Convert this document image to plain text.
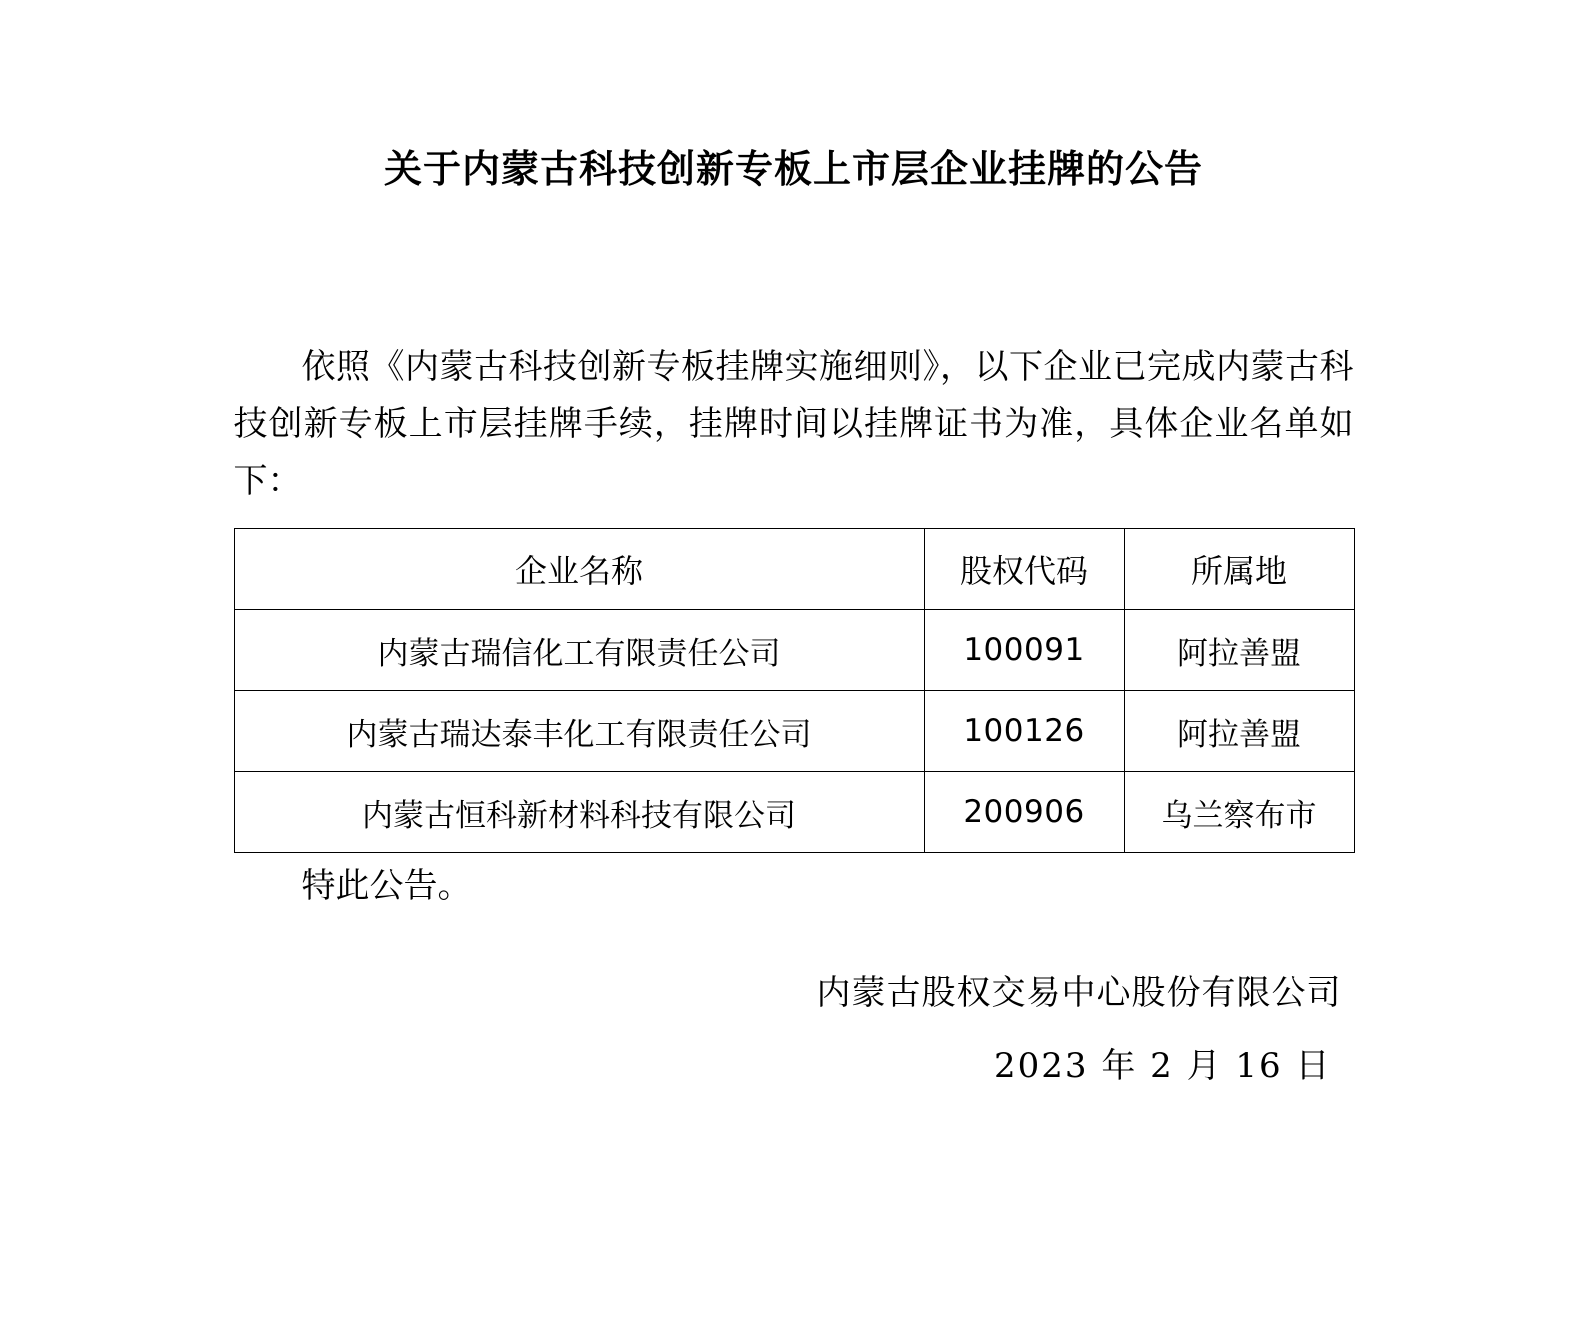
关于内蒙古科技创新专板上市层企业挂牌的公告

依照《内蒙古科技创新专板挂牌实施细则》，以下企业已完成内蒙古科技创新专板上市层挂牌手续，挂牌时间以挂牌证书为准，具体企业名单如下：

企业名称	股权代码	所属地
内蒙古瑞信化工有限责任公司	100091	阿拉善盟
内蒙古瑞达泰丰化工有限责任公司	100126	阿拉善盟
内蒙古恒科新材料科技有限公司	200906	乌兰察布市

特此公告。

内蒙古股权交易中心股份有限公司
2023 年 2 月 16 日
